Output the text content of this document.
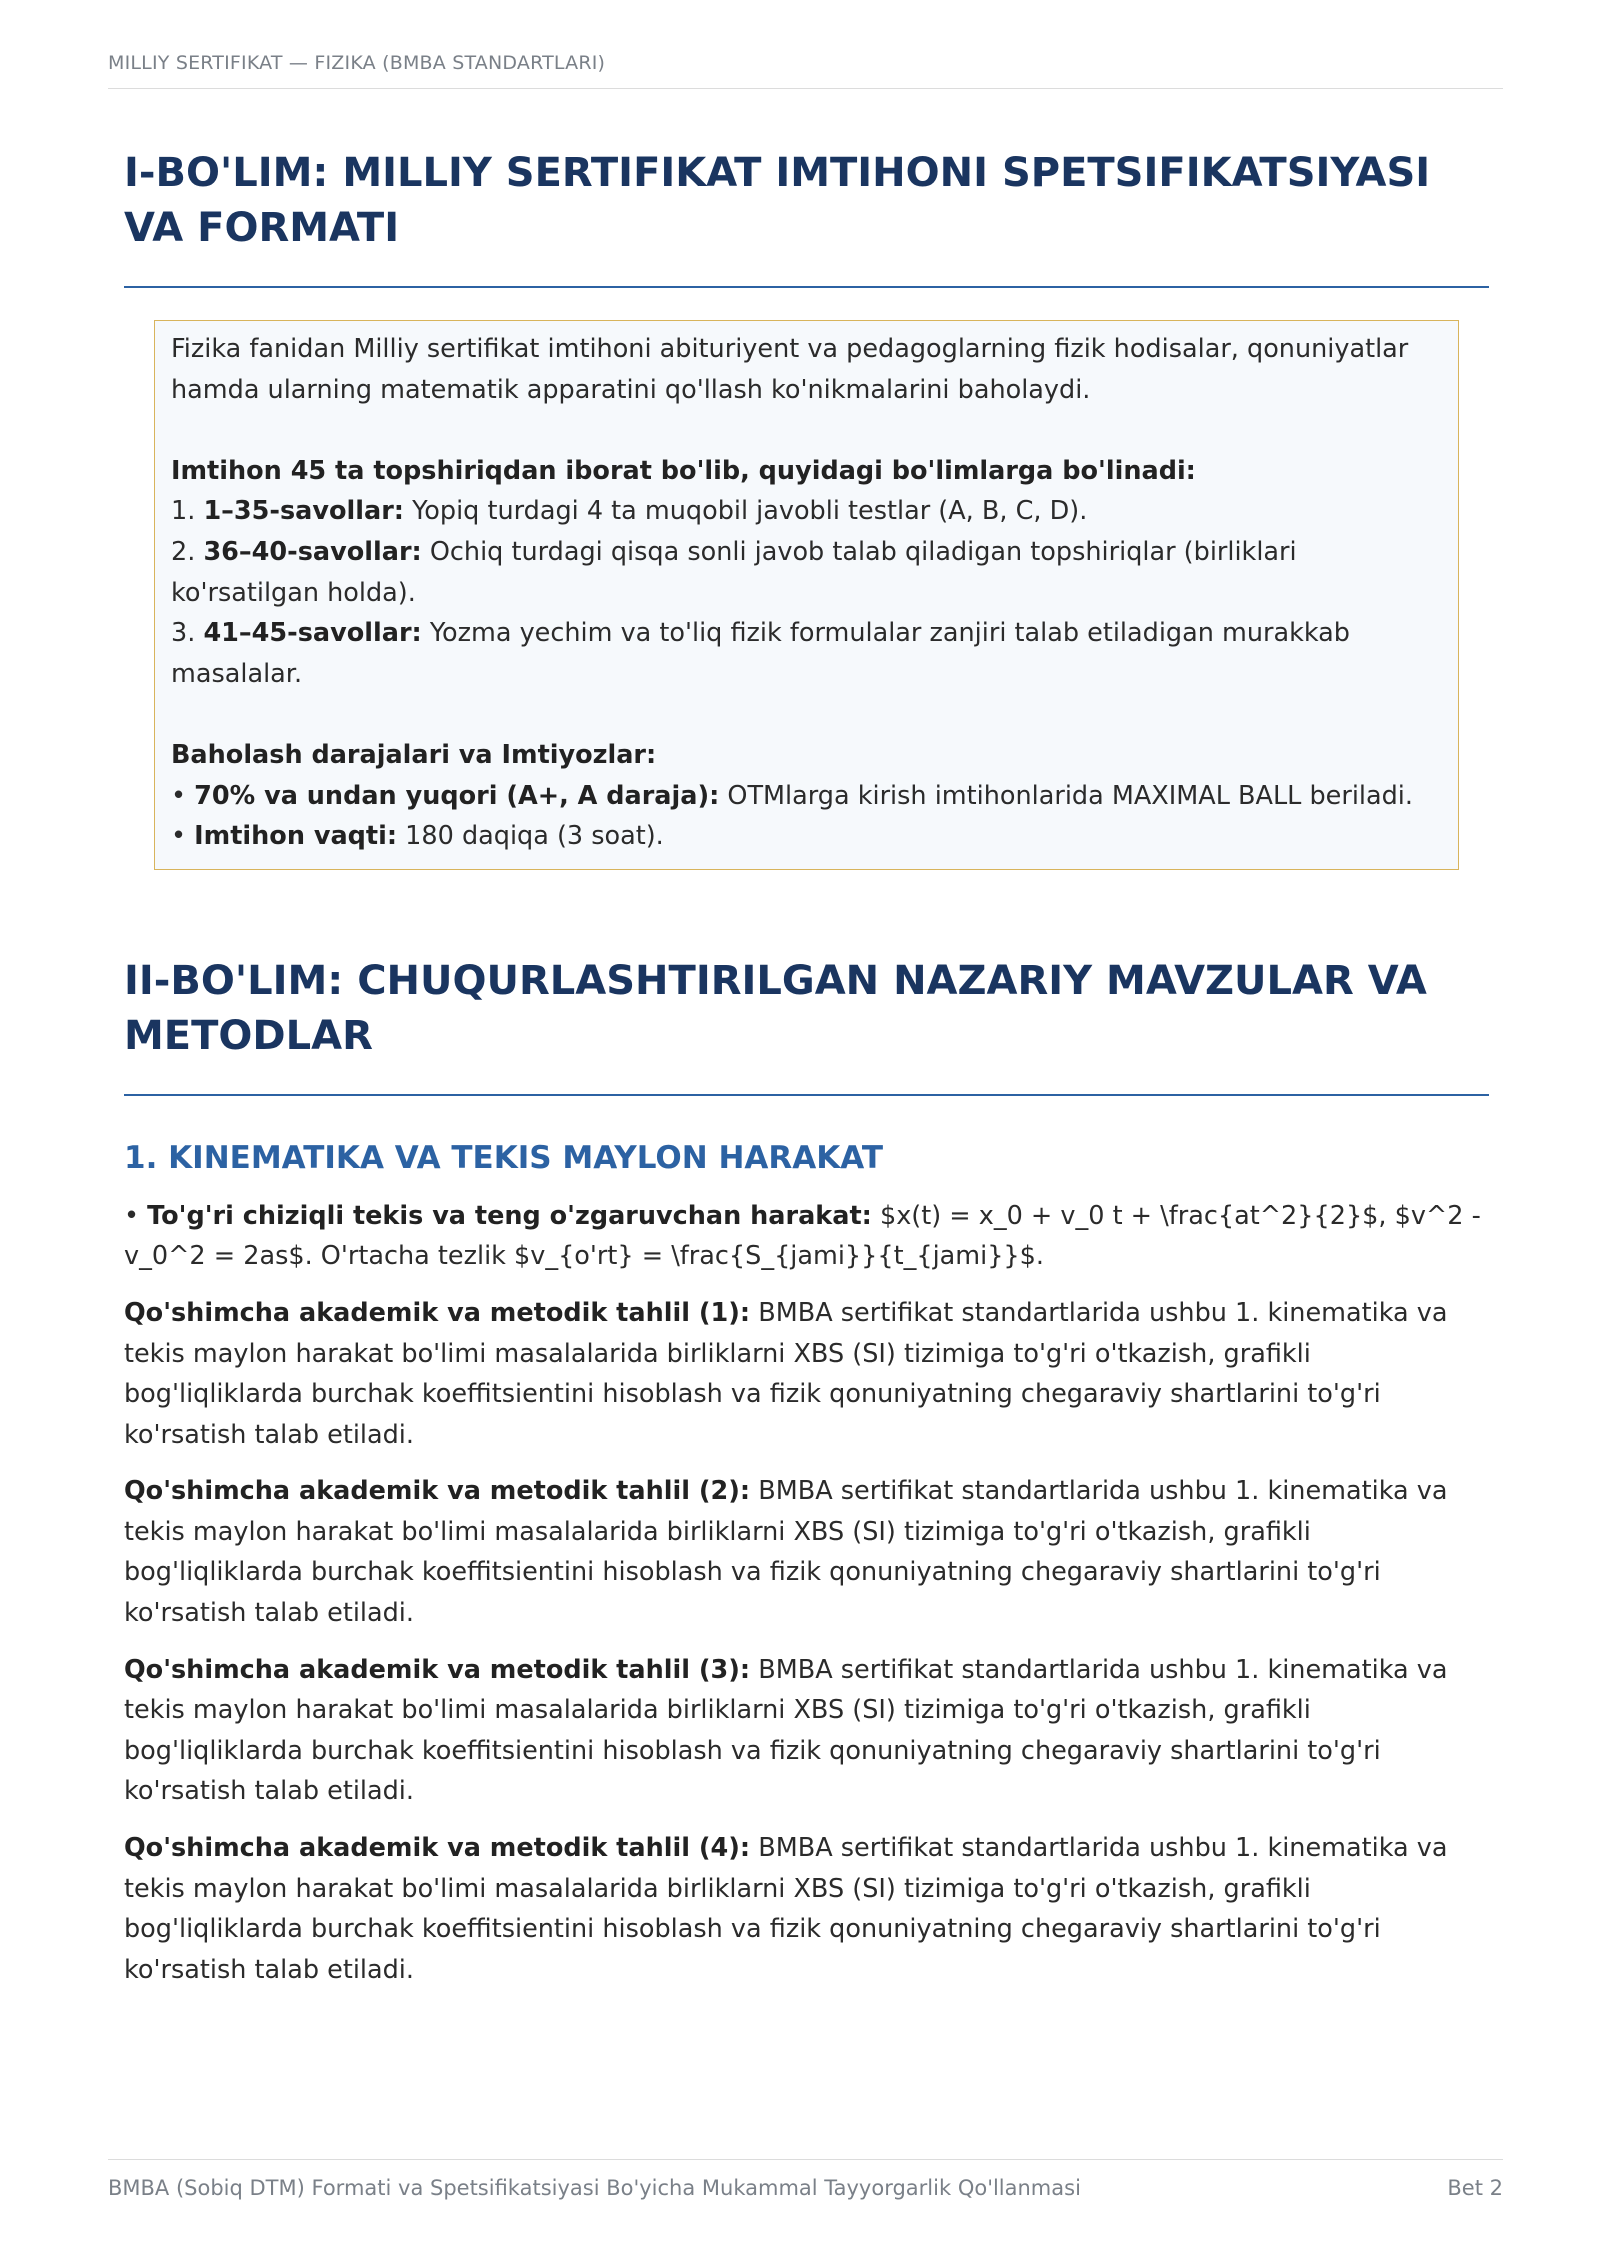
MILLIY SERTIFIKAT — FIZIKA (BMBA STANDARTLARI)
I-BO'LIM: MILLIY SERTIFIKAT IMTIHONI SPETSIFIKATSIYASI VA FORMATI

Fizika fanidan Milliy sertifikat imtihoni abituriyent va pedagoglarning fizik hodisalar, qonuniyatlar hamda ularning matematik apparatini qo'llash ko'nikmalarini baholaydi.

Imtihon 45 ta topshiriqdan iborat bo'lib, quyidagi bo'limlarga bo'linadi:

1. 1–35-savollar: Yopiq turdagi 4 ta muqobil javobli testlar (A, B, C, D).

2. 36–40-savollar: Ochiq turdagi qisqa sonli javob talab qiladigan topshiriqlar (birliklari ko'rsatilgan holda).

3. 41–45-savollar: Yozma yechim va to'liq fizik formulalar zanjiri talab etiladigan murakkab masalalar.

Baholash darajalari va Imtiyozlar:

• 70% va undan yuqori (A+, A daraja): OTMlarga kirish imtihonlarida MAXIMAL BALL beriladi.

• Imtihon vaqti: 180 daqiqa (3 soat).

II-BO'LIM: CHUQURLASHTIRILGAN NAZARIY MAVZULAR VA METODLAR
1. KINEMATIKA VA TEKIS MAYLON HARAKAT

• To'g'ri chiziqli tekis va teng o'zgaruvchan harakat: $x(t) = x_0 + v_0 t + \frac{at^2}{2}$, $v^2 - v_0^2 = 2as$. O'rtacha tezlik $v_{o'rt} = \frac{S_{jami}}{t_{jami}}$.

Qo'shimcha akademik va metodik tahlil (1): BMBA sertifikat standartlarida ushbu 1. kinematika va tekis maylon harakat bo'limi masalalarida birliklarni XBS (SI) tizimiga to'g'ri o'tkazish, grafikli bog'liqliklarda burchak koeffitsientini hisoblash va fizik qonuniyatning chegaraviy shartlarini to'g'ri ko'rsatish talab etiladi.

Qo'shimcha akademik va metodik tahlil (2): BMBA sertifikat standartlarida ushbu 1. kinematika va tekis maylon harakat bo'limi masalalarida birliklarni XBS (SI) tizimiga to'g'ri o'tkazish, grafikli bog'liqliklarda burchak koeffitsientini hisoblash va fizik qonuniyatning chegaraviy shartlarini to'g'ri ko'rsatish talab etiladi.

Qo'shimcha akademik va metodik tahlil (3): BMBA sertifikat standartlarida ushbu 1. kinematika va tekis maylon harakat bo'limi masalalarida birliklarni XBS (SI) tizimiga to'g'ri o'tkazish, grafikli bog'liqliklarda burchak koeffitsientini hisoblash va fizik qonuniyatning chegaraviy shartlarini to'g'ri ko'rsatish talab etiladi.

Qo'shimcha akademik va metodik tahlil (4): BMBA sertifikat standartlarida ushbu 1. kinematika va tekis maylon harakat bo'limi masalalarida birliklarni XBS (SI) tizimiga to'g'ri o'tkazish, grafikli bog'liqliklarda burchak koeffitsientini hisoblash va fizik qonuniyatning chegaraviy shartlarini to'g'ri ko'rsatish talab etiladi.

BMBA (Sobiq DTM) Formati va Spetsifikatsiyasi Bo'yicha Mukammal Tayyorgarlik Qo'llanmasi	Bet 2
